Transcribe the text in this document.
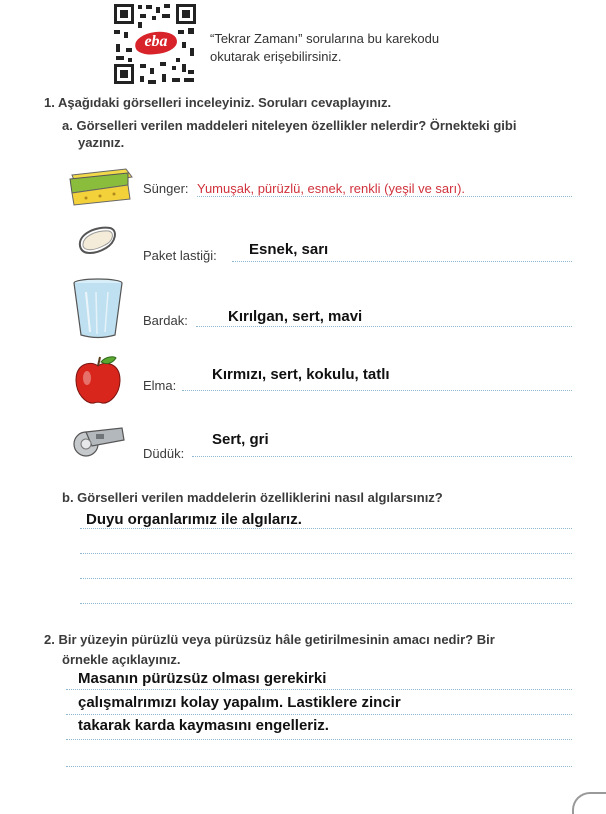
eba	“Tekrar Zamanı” sorularına bu karekodu
okutarak erişebilirsiniz.
1. Aşağıdaki görselleri inceleyiniz. Soruları cevaplayınız.
a. Görselleri verilen maddeleri niteleyen özellikler nelerdir? Örnekteki gibi
yazınız.
Sünger: Yumuşak, pürüzlü, esnek, renkli (yeşil ve sarı).
Paket lastiği: Esnek, sarı
Bardak:	Kırılgan, sert, mavi
Elma:
Kırmızı, sert, kokulu, tatlı
Düdük:
Sert, gri
b. Görselleri verilen maddelerin özelliklerini nasıl algılarsınız?
Duyu organlarımız ile algılarız.
2. Bir yüzeyin pürüzlü veya pürüzsüz hâle getirilmesinin amacı nedir? Bir
örnekle açıklayınız.
Masanın pürüzsüz olması gerekirki
çalışmalrımızı kolay yapalım. Lastiklere zincir
takarak karda kaymasını engelleriz.
